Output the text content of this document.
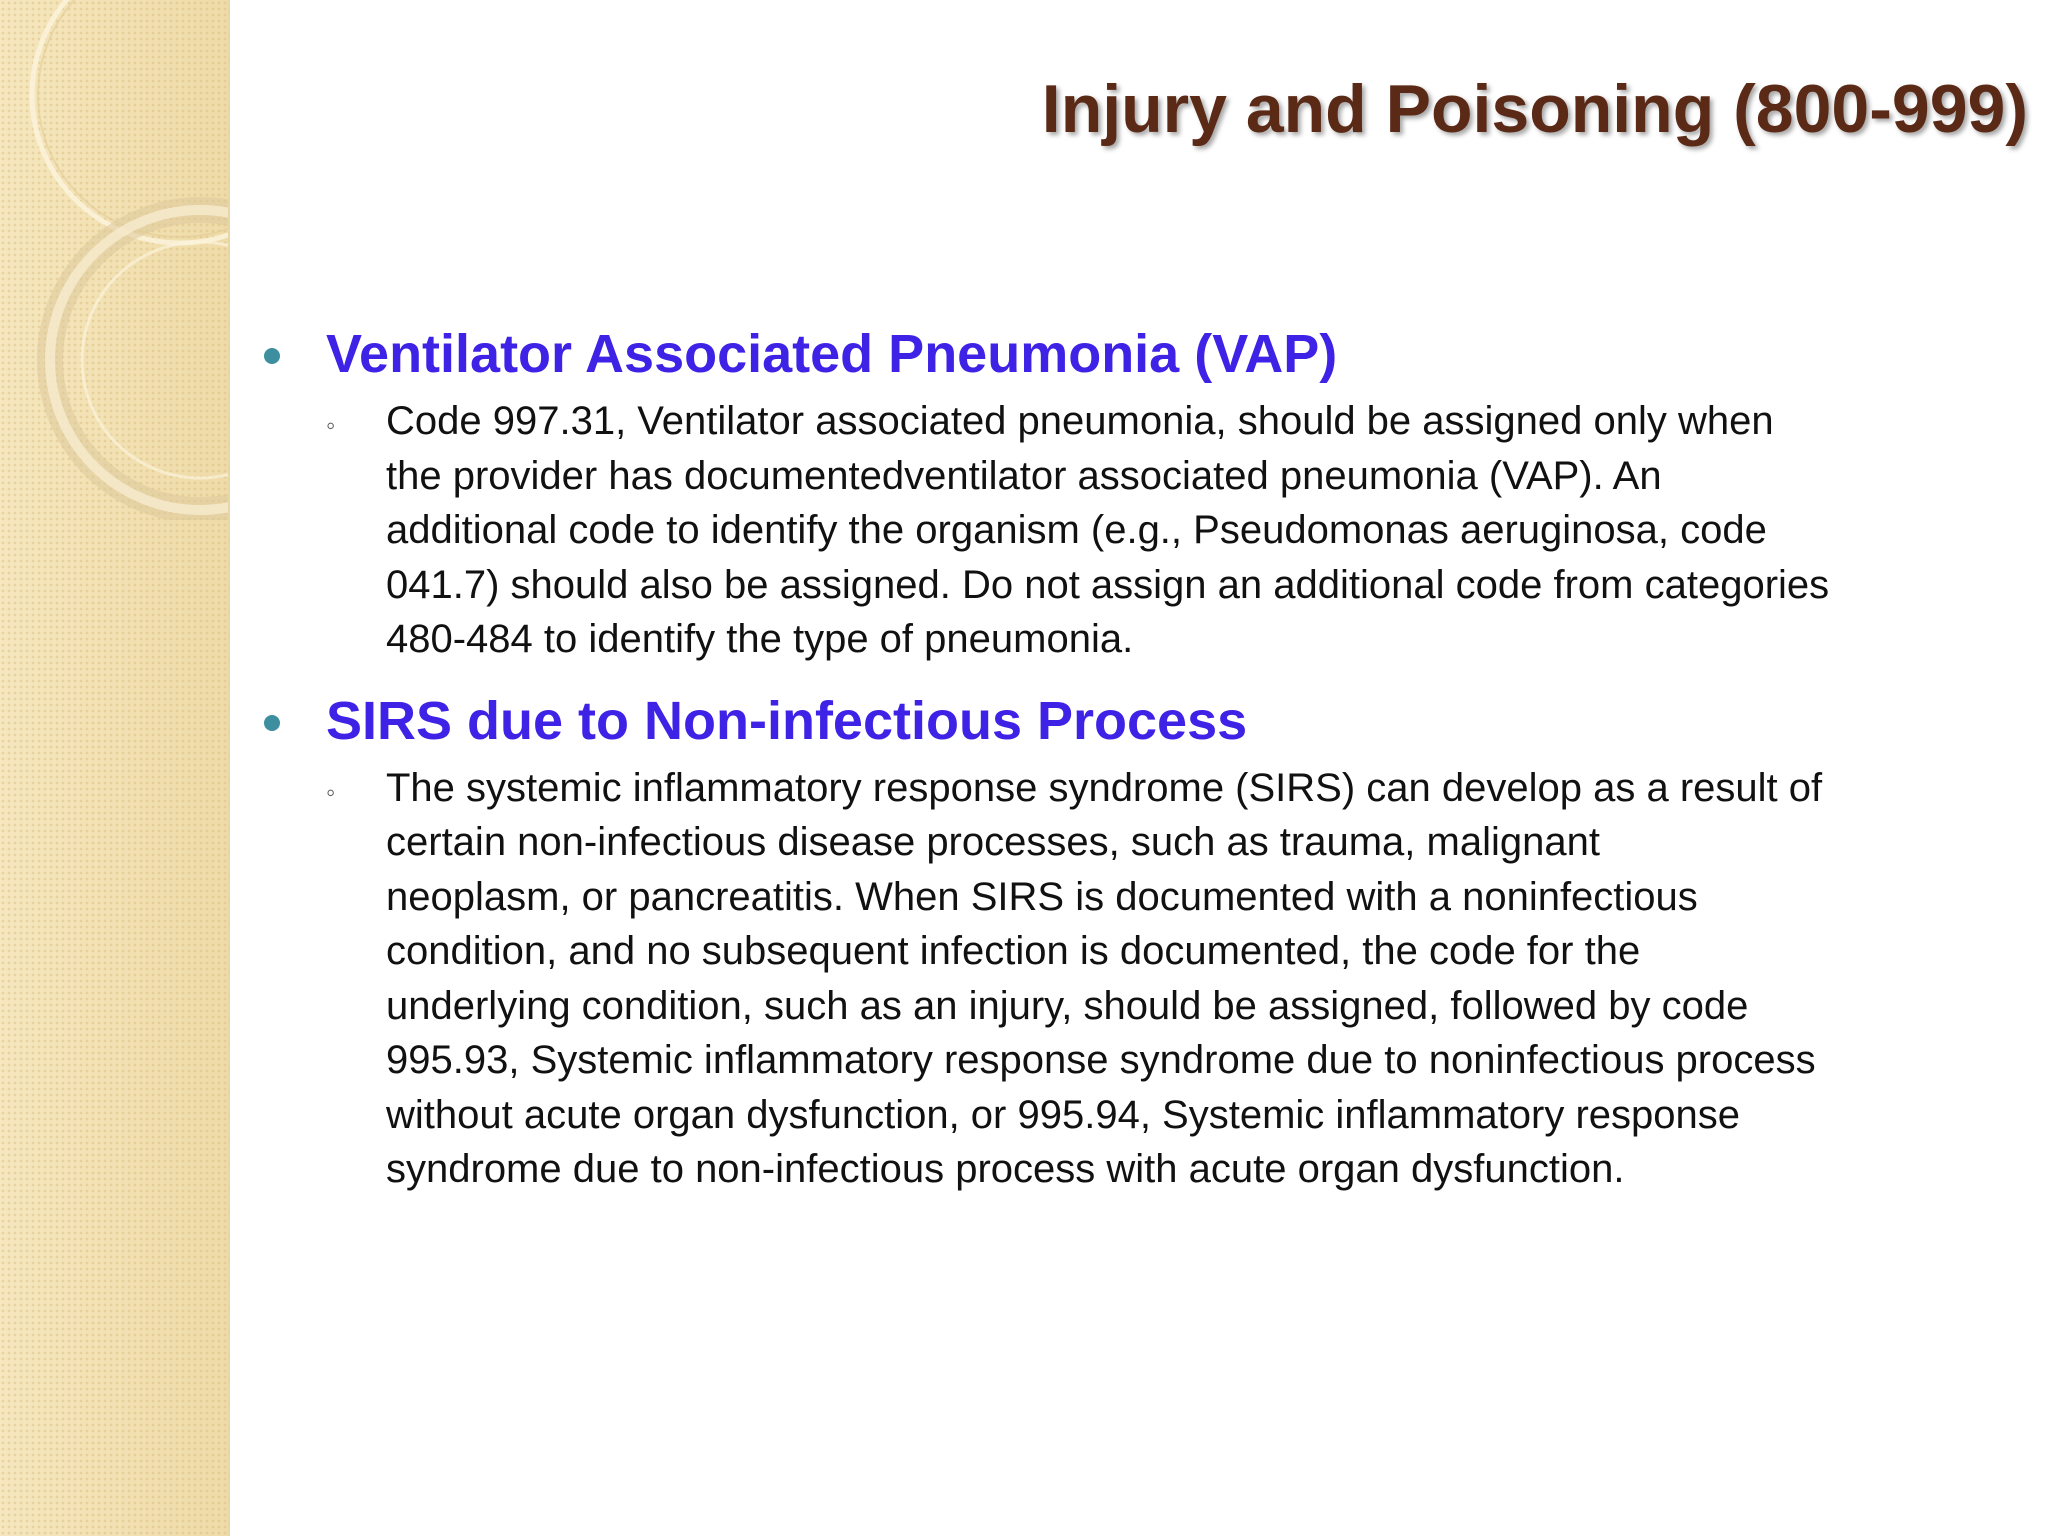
Injury and Poisoning (800-999)
Ventilator Associated Pneumonia (VAP)
◦ Code 997.31, Ventilator associated pneumonia, should be assigned only when
the provider has documentedventilator associated pneumonia (VAP). An
additional code to identify the organism (e.g., Pseudomonas aeruginosa, code
041.7) should also be assigned. Do not assign an additional code from categories
480-484 to identify the type of pneumonia.

SIRS due to Non-infectious Process
◦ The systemic inflammatory response syndrome (SIRS) can develop as a result of
certain non-infectious disease processes, such as trauma, malignant
neoplasm, or pancreatitis. When SIRS is documented with a noninfectious
condition, and no subsequent infection is documented, the code for the
underlying condition, such as an injury, should be assigned, followed by code
995.93, Systemic inflammatory response syndrome due to noninfectious process
without acute organ dysfunction, or 995.94, Systemic inflammatory response
syndrome due to non-infectious process with acute organ dysfunction.
